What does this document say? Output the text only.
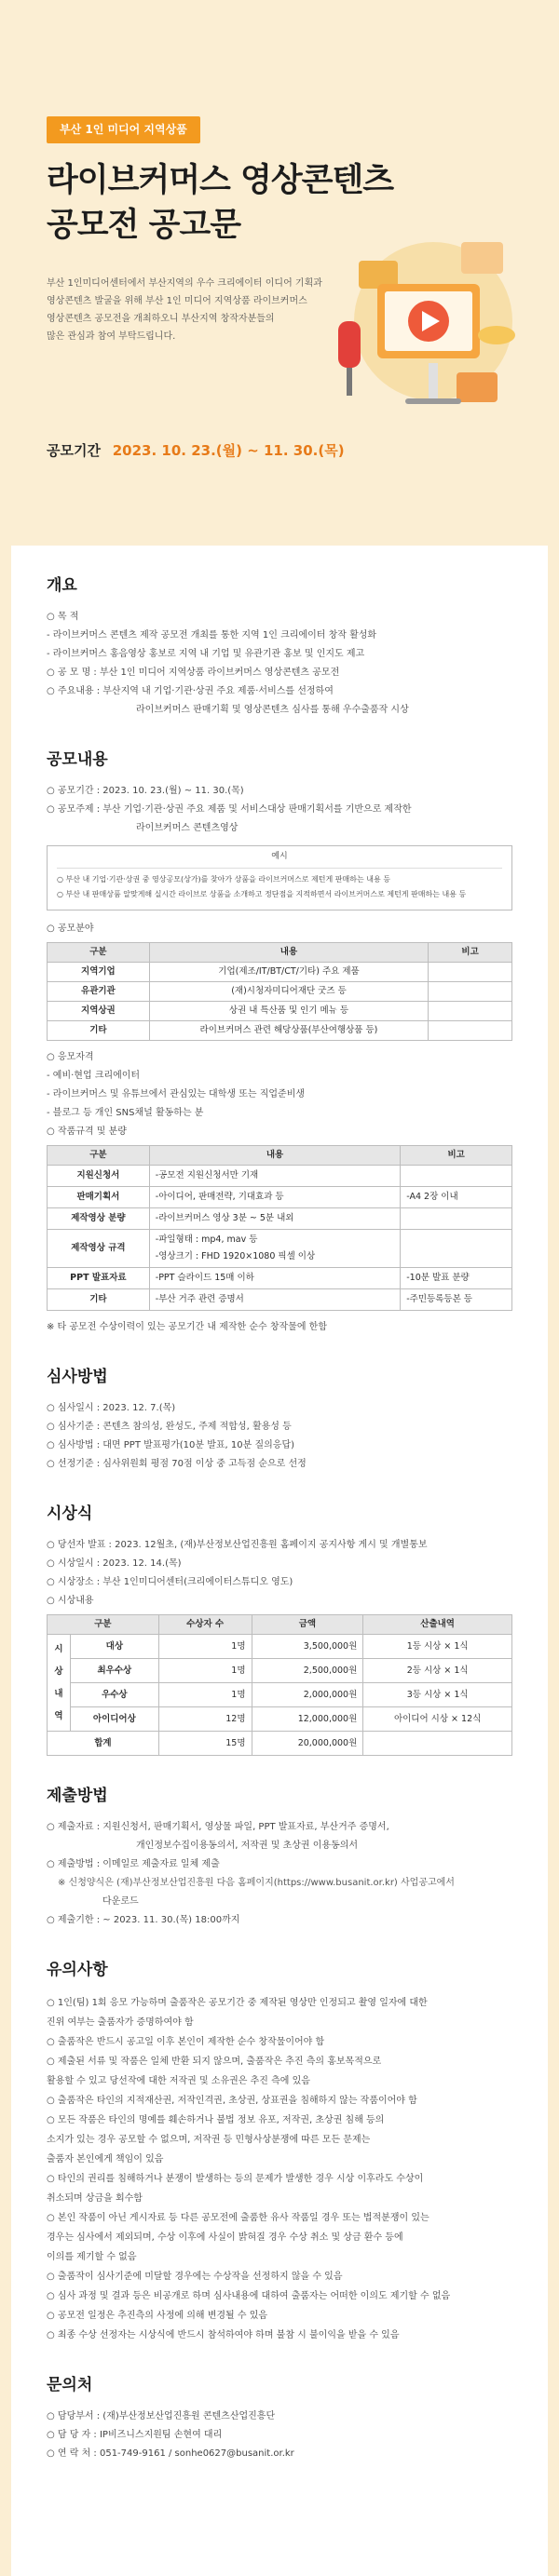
부산 1인 미디어 지역상품
라이브커머스 영상콘텐츠
공모전 공고문
부산 1인미디어센터에서 부산지역의 우수 크리에이터 이디어 기획과
영상콘텐츠 발굴을 위해 부산 1인 미디어 지역상품 라이브커머스
영상콘텐츠 공모전을 개최하오니 부산지역 창작자분들의
많은 관심과 참여 부탁드립니다.
공모기간 2023. 10. 23.(월) ~ 11. 30.(목)
개요
○ 목 적
- 라이브커머스 콘텐츠 제작 공모전 개최를 통한 지역 1인 크리에이터 창작 활성화
- 라이브커머스 홍음영상 홍보로 지역 내 기업 및 유관기관 홍보 및 인지도 제고
○ 공 모 명 : 부산 1인 미디어 지역상품 라이브커머스 영상콘텐츠 공모전
○ 주요내용 : 부산지역 내 기업·기관·상권 주요 제품·서비스를 선정하여
라이브커머스 판매기획 및 영상콘텐츠 심사를 통해 우수출품작 시상
공모내용
○ 공모기간 : 2023. 10. 23.(월) ~ 11. 30.(목)
○ 공모주제 : 부산 기업·기관·상권 주요 제품 및 서비스대상 판매기획서를 기반으로 제작한
라이브커머스 콘텐츠영상
예시
○ 부산 내 기업·기관·상권 중 영상공모(상가)를 찾아가 상품을 라이브커머스로 제턴게 판매하는 내용 등
○ 부산 내 판매상품 알맞게해 실시간 라이브로 상품을 소개하고 정단점을 지적하면서 라이브커머스로 제턴게 판매하는 내용 등
○ 공모분야
구분	내용	비고
지역기업	기업(제조/IT/BT/CT/기타) 주요 제품	
유관기관	(재)시청자미디어재단 굿즈 등	
지역상권	상권 내 특산품 및 인기 메뉴 등	
기타	라이브커머스 관련 해당상품(부산여행상품 등)	
○ 응모자격
- 예비·현업 크리에이터
- 라이브커머스 및 유튜브에서 관심있는 대학생 또는 직업준비생
- 블로그 등 개인 SNS채널 활동하는 분
○ 작품규격 및 분량
구분	내용	비고
지원신청서	-공모전 지원신청서만 기재	
판매기획서	-아이디어, 판매전략, 기대효과 등	-A4 2장 이내
제작영상 분량	-라이브커머스 영상 3분 ~ 5분 내외	
제작영상 규격	-파일형태 : mp4, mav 등
-영상크기 : FHD 1920×1080 픽셀 이상	
PPT 발표자료	-PPT 슬라이드 15매 이하	-10분 발표 분량
기타	-부산 거주 관련 증명서	-주민등록등본 등
※ 타 공모전 수상이력이 있는 공모기간 내 제작한 순수 창작물에 한함
심사방법
○ 심사일시 : 2023. 12. 7.(목)
○ 심사기준 : 콘텐츠 참의성, 완성도, 주제 적합성, 활용성 등
○ 심사방법 : 대면 PPT 발표평가(10분 발표, 10분 질의응답)
○ 선정기준 : 심사위원회 평점 70점 이상 중 고득점 순으로 선정
시상식
○ 당선자 발표 : 2023. 12월초, (재)부산정보산업진흥원 홈페이지 공지사항 게시 및 개별통보
○ 시상일시 : 2023. 12. 14.(목)
○ 시상장소 : 부산 1인미디어센터(크리에이터스튜디오 영도)
○ 시상내용
구분		수상자 수	금액	산출내역
시상내역	대상	1명	3,500,000원	1등 시상 × 1식
	최우수상	1명	2,500,000원	2등 시상 × 1식
	우수상	1명	2,000,000원	3등 시상 × 1식
	아이디어상	12명	12,000,000원	아이디어 시상 × 12식
합계		15명	20,000,000원	
제출방법
○ 제출자료 : 지원신청서, 판매기획서, 영상물 파일, PPT 발표자료, 부산거주 증명서,
개인정보수집이용동의서, 저작권 및 초상권 이용동의서
○ 제출방법 : 이메일로 제출자료 일체 제출
※ 신청양식은 (재)부산정보산업진흥원 다음 홈페이지(https://www.busanit.or.kr) 사업공고에서
다운로드
○ 제출기한 : ~ 2023. 11. 30.(목) 18:00까지
유의사항
○ 1인(팀) 1회 응모 가능하며 출품작은 공모기간 중 제작된 영상만 인정되고 촬영 일자에 대한
진위 여부는 출품자가 증명하여야 함
○ 출품작은 반드시 공고일 이후 본인이 제작한 순수 창작물이어야 함
○ 제출된 서류 및 작품은 일체 반환 되지 않으며, 출품작은 추진 측의 홍보목적으로
활용할 수 있고 당선작에 대한 저작권 및 소유권은 추진 측에 있음
○ 출품작은 타인의 지적재산권, 저작인격권, 초상권, 상표권을 침해하지 않는 작품이어야 함
○ 모든 작품은 타인의 명예를 훼손하거나 불법 정보 유포, 저작권, 초상권 침해 등의
소지가 있는 경우 공모할 수 없으며, 저작권 등 민형사상분쟁에 따른 모든 문제는
출품자 본인에게 책임이 있음
○ 타인의 권리를 침해하거나 분쟁이 발생하는 등의 문제가 발생한 경우 시상 이후라도 수상이
취소되며 상금을 회수함
○ 본인 작품이 아닌 게시자료 등 다른 공모전에 출품한 유사 작품일 경우 또는 법적분쟁이 있는
경우는 심사에서 제외되며, 수상 이후에 사실이 밝혀질 경우 수상 취소 및 상금 환수 등에
이의를 제기할 수 없음
○ 출품작이 심사기준에 미달할 경우에는 수상작을 선정하지 않을 수 있음
○ 심사 과정 및 결과 등은 비공개로 하며 심사내용에 대하여 출품자는 어떠한 이의도 제기할 수 없음
○ 공모전 일정은 추진측의 사정에 의해 변경될 수 있음
○ 최종 수상 선정자는 시상식에 반드시 참석하여야 하며 불참 시 불이익을 받을 수 있음
문의처
○ 담당부서 : (재)부산정보산업진흥원 콘텐츠산업진흥단
○ 담 당 자 : IP비즈니스지원팀 손현여 대리
○ 연 락 처 : 051-749-9161 / sonhe0627@busanit.or.kr
